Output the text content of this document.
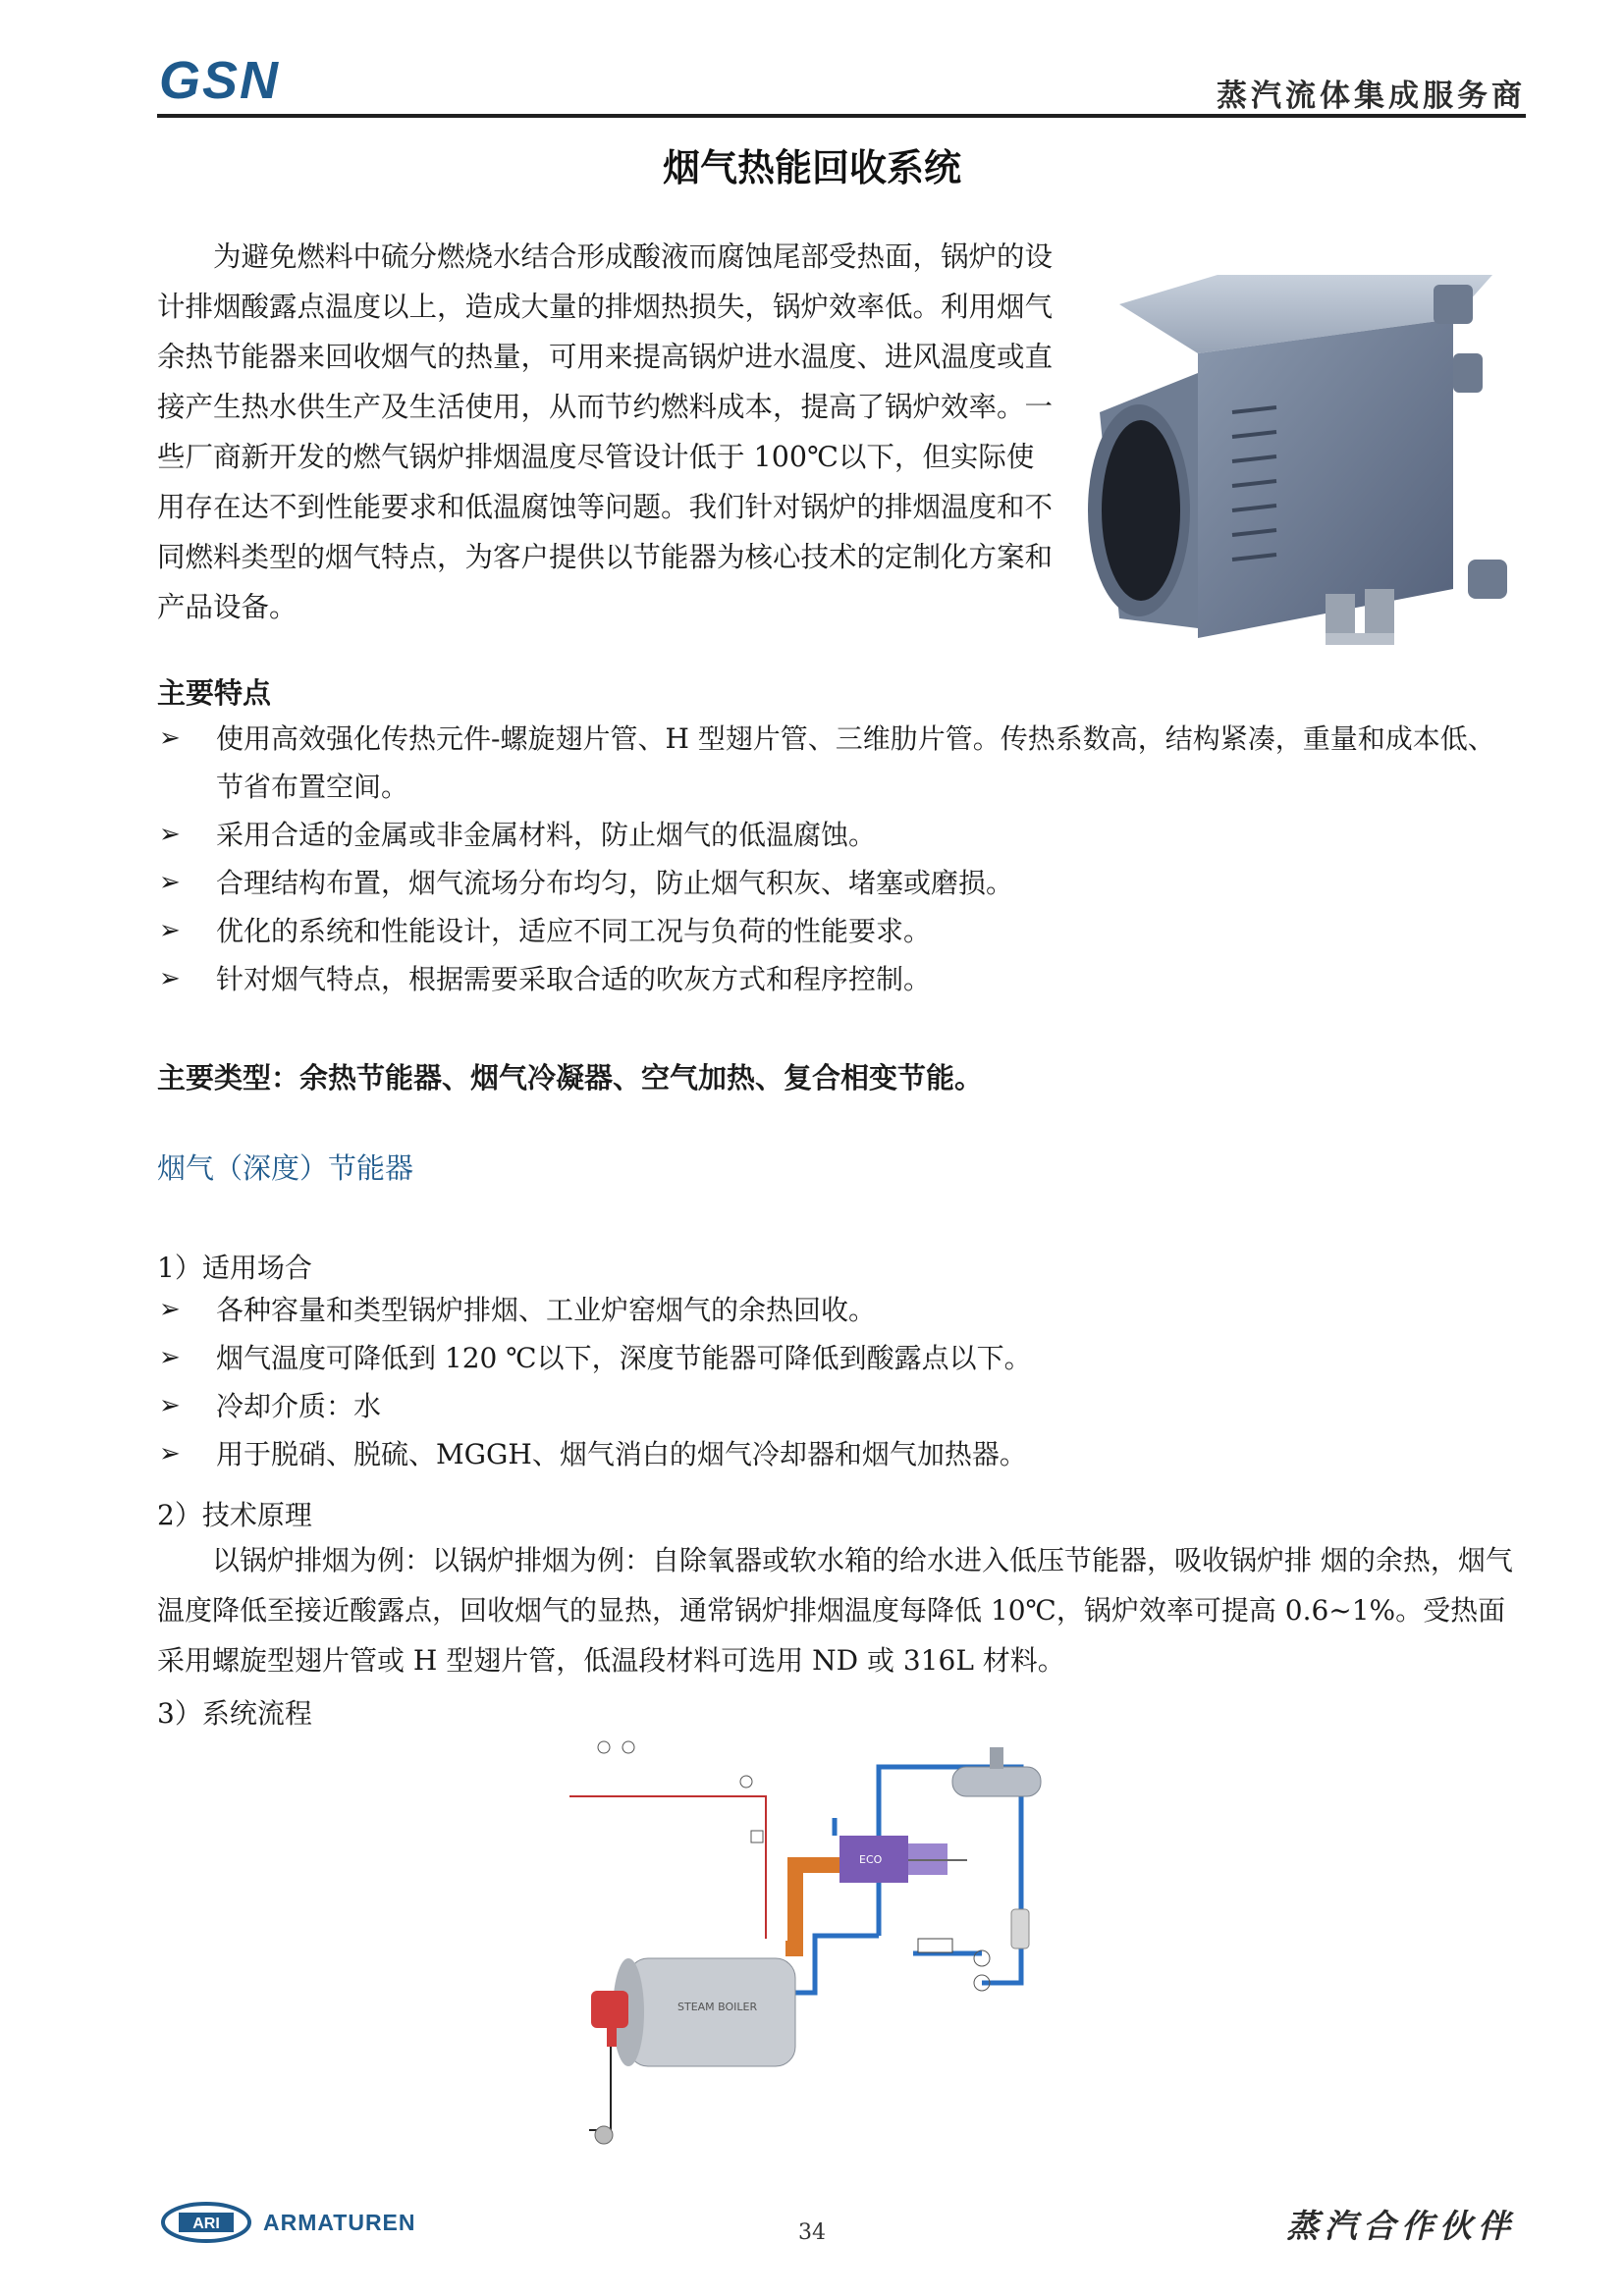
GSN	蒸汽流体集成服务商
烟气热能回收系统
为避免燃料中硫分燃烧水结合形成酸液而腐蚀尾部受热面，锅炉的设计排烟酸露点温度以上，造成大量的排烟热损失，锅炉效率低。利用烟气余热节能器来回收烟气的热量，可用来提高锅炉进水温度、进风温度或直接产生热水供生产及生活使用，从而节约燃料成本，提高了锅炉效率。一些厂商新开发的燃气锅炉排烟温度尽管设计低于 100℃以下，但实际使用存在达不到性能要求和低温腐蚀等问题。我们针对锅炉的排烟温度和不同燃料类型的烟气特点，为客户提供以节能器为核心技术的定制化方案和产品设备。
主要特点
➢ 使用高效强化传热元件-螺旋翅片管、H 型翅片管、三维肋片管。传热系数高，结构紧凑，重量和成本低、节省布置空间。
➢ 采用合适的金属或非金属材料，防止烟气的低温腐蚀。
➢ 合理结构布置，烟气流场分布均匀，防止烟气积灰、堵塞或磨损。
➢ 优化的系统和性能设计，适应不同工况与负荷的性能要求。
➢ 针对烟气特点，根据需要采取合适的吹灰方式和程序控制。
主要类型：余热节能器、烟气冷凝器、空气加热、复合相变节能。
烟气（深度）节能器
1）适用场合
➢ 各种容量和类型锅炉排烟、工业炉窑烟气的余热回收。
➢ 烟气温度可降低到 120 ℃以下，深度节能器可降低到酸露点以下。
➢ 冷却介质：水
➢ 用于脱硝、脱硫、MGGH、烟气消白的烟气冷却器和烟气加热器。
2）技术原理
以锅炉排烟为例：以锅炉排烟为例：自除氧器或软水箱的给水进入低压节能器，吸收锅炉排 烟的余热，烟气温度降低至接近酸露点，回收烟气的显热，通常锅炉排烟温度每降低 10℃，锅炉效率可提高 0.6~1%。受热面采用螺旋型翅片管或 H 型翅片管，低温段材料可选用 ND 或 316L 材料。
3）系统流程
ECO
STEAM BOILER
ARI ARMATUREN	34	蒸汽合作伙伴
